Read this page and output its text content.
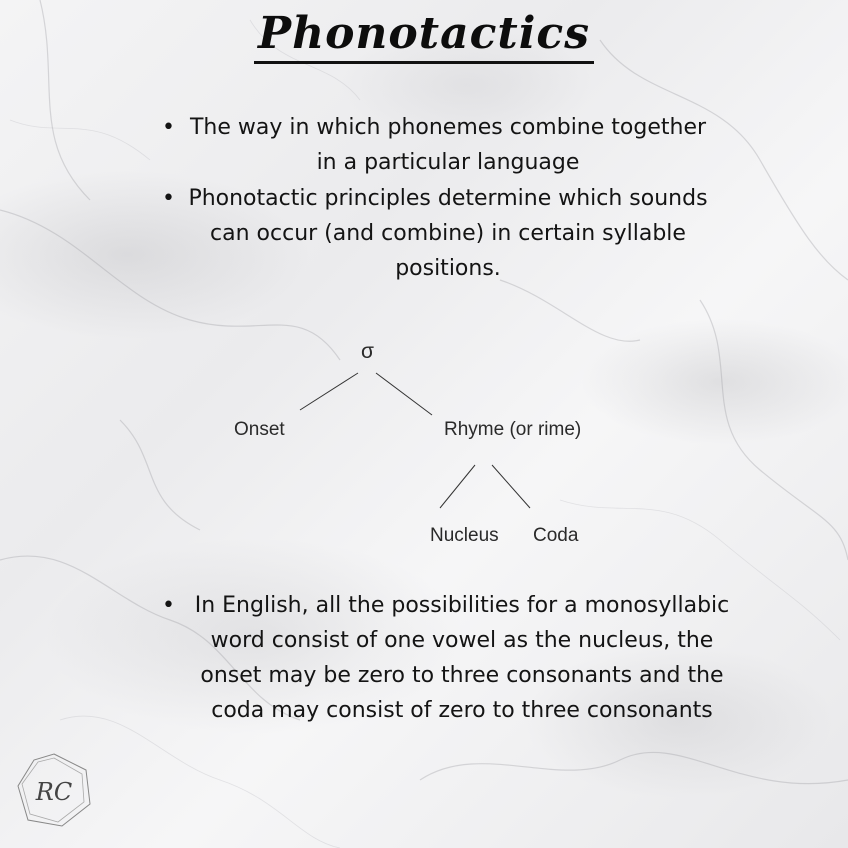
Phonotactics
• The way in which phonemes combine together in a particular language
• Phonotactic principles determine which sounds can occur (and combine) in certain syllable positions.
σ
Onset	Rhyme (or rime)
Nucleus Coda
• In English, all the possibilities for a monosyllabic word consist of one vowel as the nucleus, the onset may be zero to three consonants and the coda may consist of zero to three consonants
RC
